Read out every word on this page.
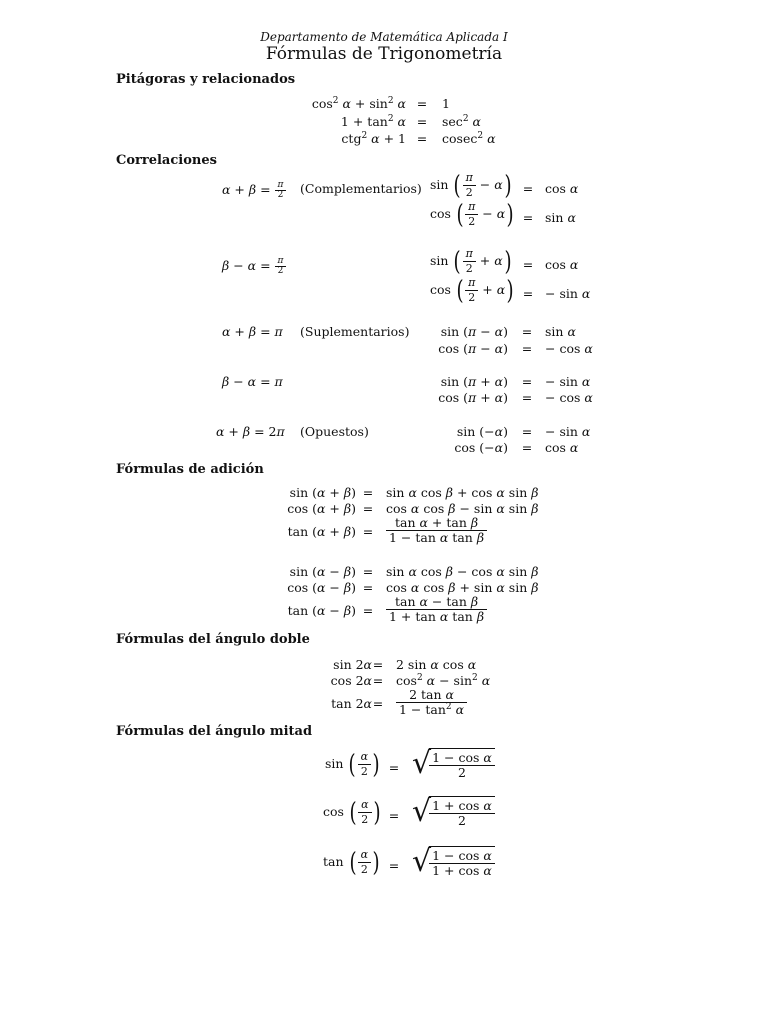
Departamento de Matemática Aplicada I
Fórmulas de Trigonometría
Pitágoras y relacionados
$\cos^2 \alpha + \sin^2 \alpha$ =	1
$1 + \tan^2 \alpha$ =	$\sec^2 \alpha$
ctg$^2$ α + 1 =	cosec$^2$ α
Correlaciones
$\alpha + \beta = \frac{\pi}{2}$ (Complementarios) sin ( $\frac{\pi}{2} - \alpha) = \cos \alpha$
cos ( $\frac{\pi}{2} - \alpha) = \sin \alpha$
$\beta - \alpha = \frac{\pi}{2}$	sin ( $\frac{\pi}{2} + \alpha) = \cos \alpha$
cos ( $\frac{\pi}{2} + \alpha$) = − sin α
α + β = π (Suplementarios) sin (π − α)	=	sin α
cos (π − α)	=	− cos α
β − α = π	sin (π + α)	=	− sin α
cos (π + α)	=	− cos α
α + β = 2π (Opuestos)	sin (−α)	=	− sin α
cos (−α)	=	cos α
Fórmulas de adición
sin (α + β) =	sin α cos β + cos α sin β
cos (α + β) =	cos α cos β − sin α sin β
tan (α + β) =	$\frac{\text{tan α + tan β}}{\text{1 − tan α tan β}}$
sin (α − β) =	sin α cos β − cos α sin β
cos (α − β) =	cos α cos β + sin α sin β
tan (α − β) =	$\frac{\text{tan α − tan β}}{\text{1 + tan α tan β}}$
Fórmulas del ángulo doble
sin 2α =	2 sin α cos α
cos 2α =	$\cos^2 \alpha - \sin^2 \alpha$
tan 2α =	$\frac{\text{2 tan α}}{1 - \tan^2 \alpha}$
Fórmulas del ángulo mitad
sin ( $\frac{\alpha}{2}$ ) = √
$\frac{\text{1 − cos α}}{2}$
cos ( $\frac{\alpha}{2}$ ) = √
$\frac{\text{1 + cos α}}{2}$
tan ( $\frac{\alpha}{2}$ ) = √
$\frac{\text{1 − cos α}}{\text{1 + cos α}}$
